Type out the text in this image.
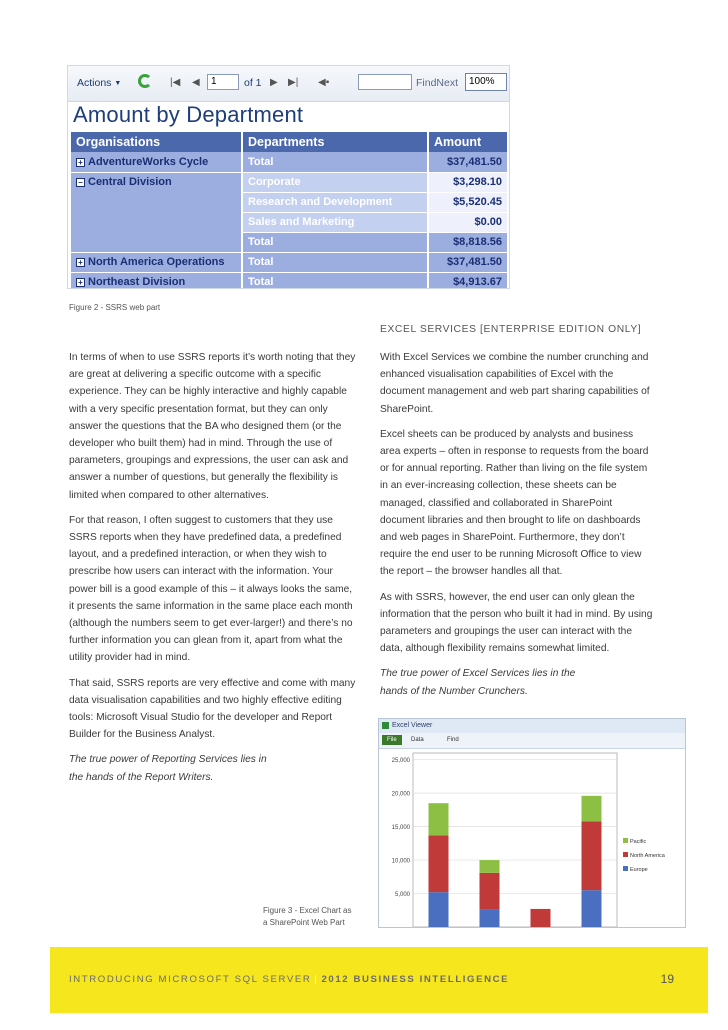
Actions ▼	|◀ ◀	1	of 1 ▶ ▶| ◀▪	FindNext	100%
Amount by Department
Organisations	Departments	Amount
+ AdventureWorks Cycle	Total	$37,481.50
− Central Division	Corporate	$3,298.10
	Research and Development	$5,520.45
	Sales and Marketing	$0.00
	Total	$8,818.56
+ North America Operations	Total	$37,481.50
+ Northeast Division	Total	$4,913.67
Figure 2 - SSRS web part

In terms of when to use SSRS reports it’s worth noting that they are great at delivering a specific outcome with a specific experience. They can be highly interactive and highly capable with a very specific presentation format, but they can only answer the questions that the BA who designed them (or the developer who built them) had in mind. Through the use of parameters, groupings and expressions, the user can ask and answer a number of questions, but generally the flexibility is limited when compared to other alternatives.

For that reason, I often suggest to customers that they use SSRS reports when they have predefined data, a predefined layout, and a predefined interaction, or when they wish to prescribe how users can interact with the information. Your power bill is a good example of this – it always looks the same, it presents the same information in the same place each month (although the numbers seem to get ever-larger!) and there’s no further information you can glean from it, apart from what the utility provider had in mind.

That said, SSRS reports are very effective and come with many data visualisation capabilities and two highly effective editing tools: Microsoft Visual Studio for the developer and Report Builder for the Business Analyst.

The true power of Reporting Services lies in the hands of the Report Writers.

EXCEL SERVICES [ENTERPRISE EDITION ONLY]

With Excel Services we combine the number crunching and enhanced visualisation capabilities of Excel with the document management and web part sharing capabilities of SharePoint.

Excel sheets can be produced by analysts and business area experts – often in response to requests from the board or for annual reporting. Rather than living on the file system in an ever-increasing collection, these sheets can be managed, classified and collaborated in SharePoint document libraries and then brought to life on dashboards and web pages in SharePoint. Furthermore, they don’t require the end user to be running Microsoft Office to view the report – the browser handles all that.

As with SSRS, however, the end user can only glean the information that the person who built it had in mind. By using parameters and groupings the user can interact with the data, although flexibility remains somewhat limited.

The true power of Excel Services lies in the hands of the Number Crunchers.

Excel Viewer
File	Data	Find
5,000
10,000
15,000
20,000
25,000
Pacific
North America
Europe
Figure 3 - Excel Chart as
a SharePoint Web Part
INTRODUCING MICROSOFT SQL SERVER | 2012 BUSINESS INTELLIGENCE	19
